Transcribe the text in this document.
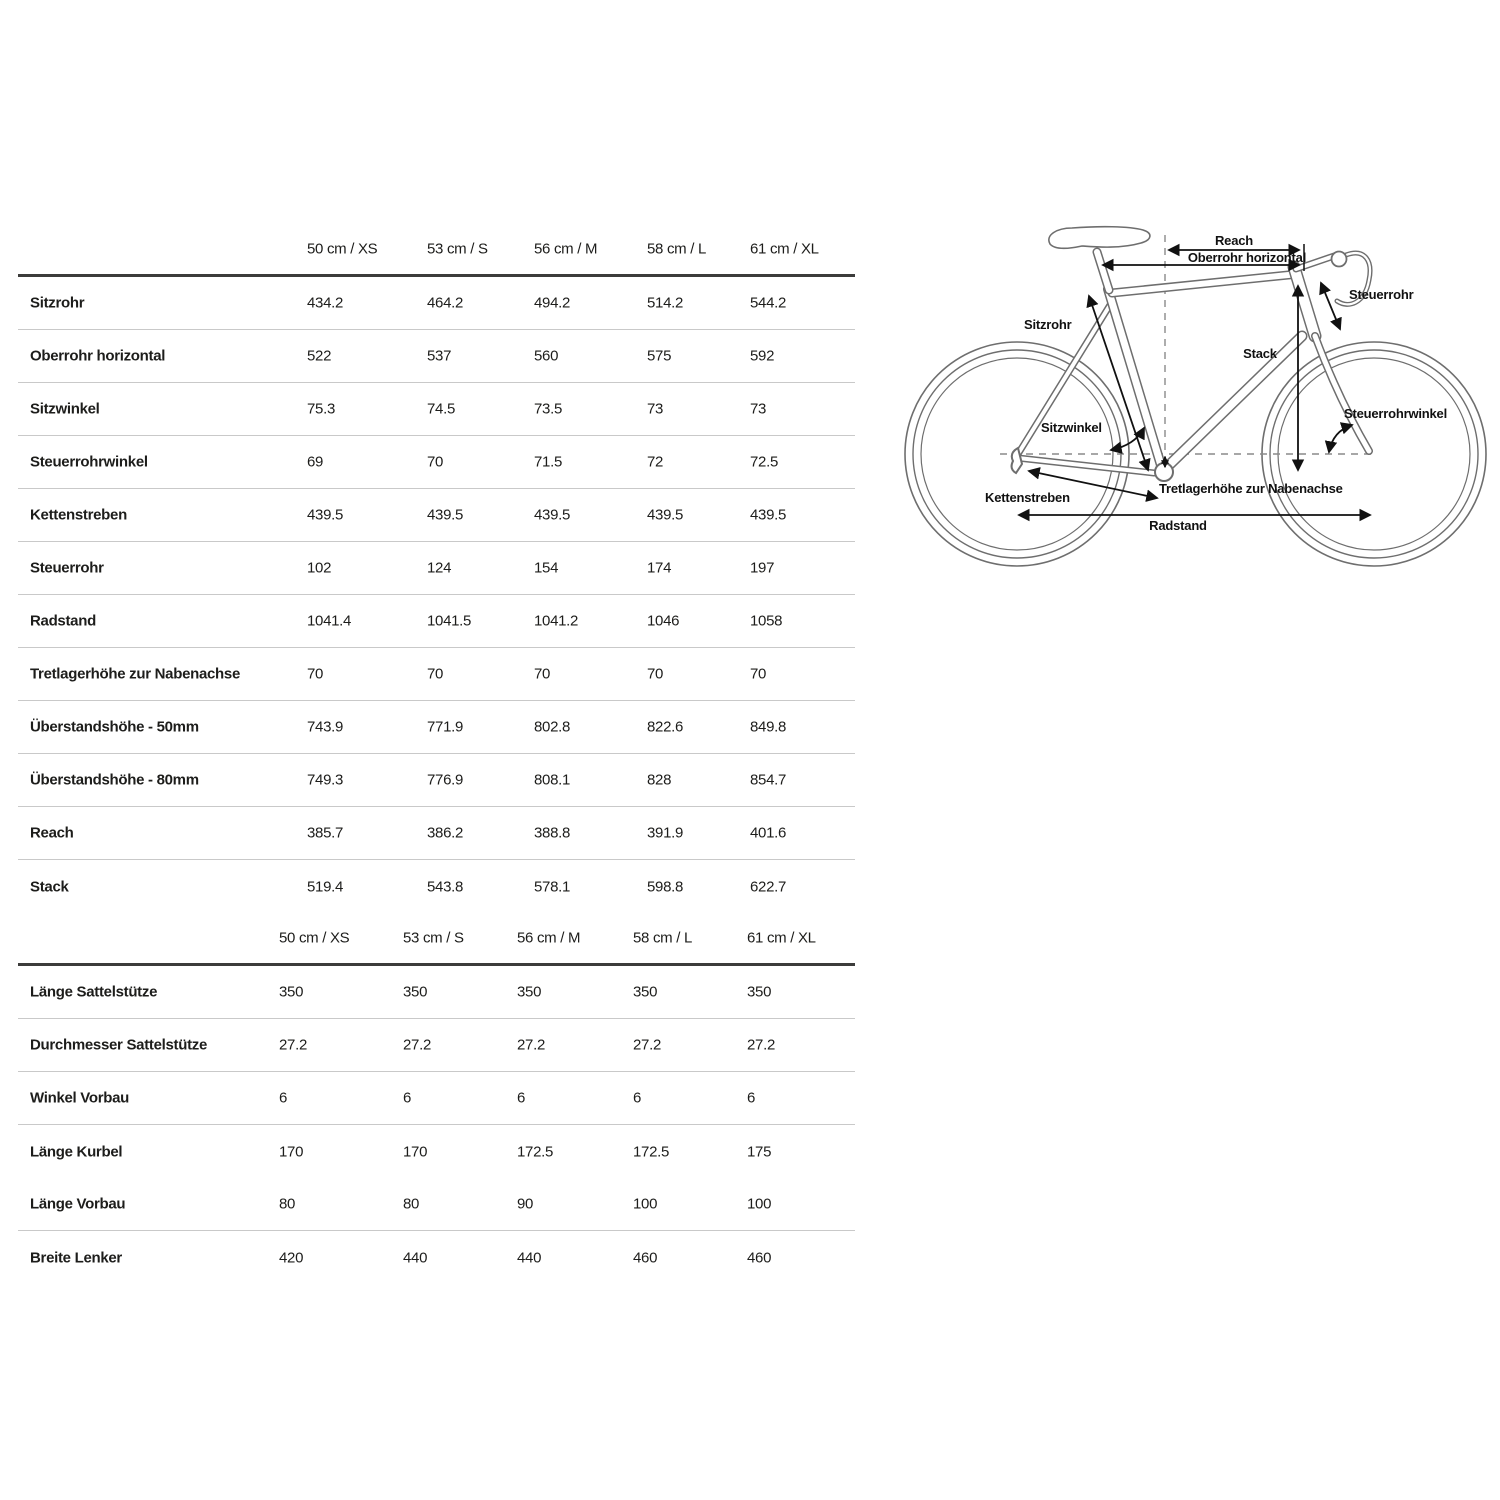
50 cm / XS	53 cm / S	56 cm / M	58 cm / L	61 cm / XL
Sitzrohr	434.2	464.2	494.2	514.2	544.2
Oberrohr horizontal	522	537	560	575	592
Sitzwinkel	75.3	74.5	73.5	73	73
Steuerrohrwinkel	69	70	71.5	72	72.5
Kettenstreben	439.5	439.5	439.5	439.5	439.5
Steuerrohr	102	124	154	174	197
Radstand	1041.4	1041.5	1041.2	1046	1058
Tretlagerhöhe zur Nabenachse	70	70	70	70	70
Überstandshöhe - 50mm	743.9	771.9	802.8	822.6	849.8
Überstandshöhe - 80mm	749.3	776.9	808.1	828	854.7
Reach	385.7	386.2	388.8	391.9	401.6
Stack	519.4	543.8	578.1	598.8	622.7
50 cm / XS	53 cm / S	56 cm / M	58 cm / L	61 cm / XL
Länge Sattelstütze	350	350	350	350	350
Durchmesser Sattelstütze	27.2	27.2	27.2	27.2	27.2
Winkel Vorbau	6	6	6	6	6
Länge Kurbel	170	170	172.5	172.5	175
Länge Vorbau	80	80	90	100	100
Breite Lenker	420	440	440	460	460
Reach
Oberrohr horizontal
Steuerrohr
Sitzrohr
Stack
Steuerrohrwinkel
Sitzwinkel
Tretlagerhöhe zur Nabenachse
Kettenstreben
Radstand
